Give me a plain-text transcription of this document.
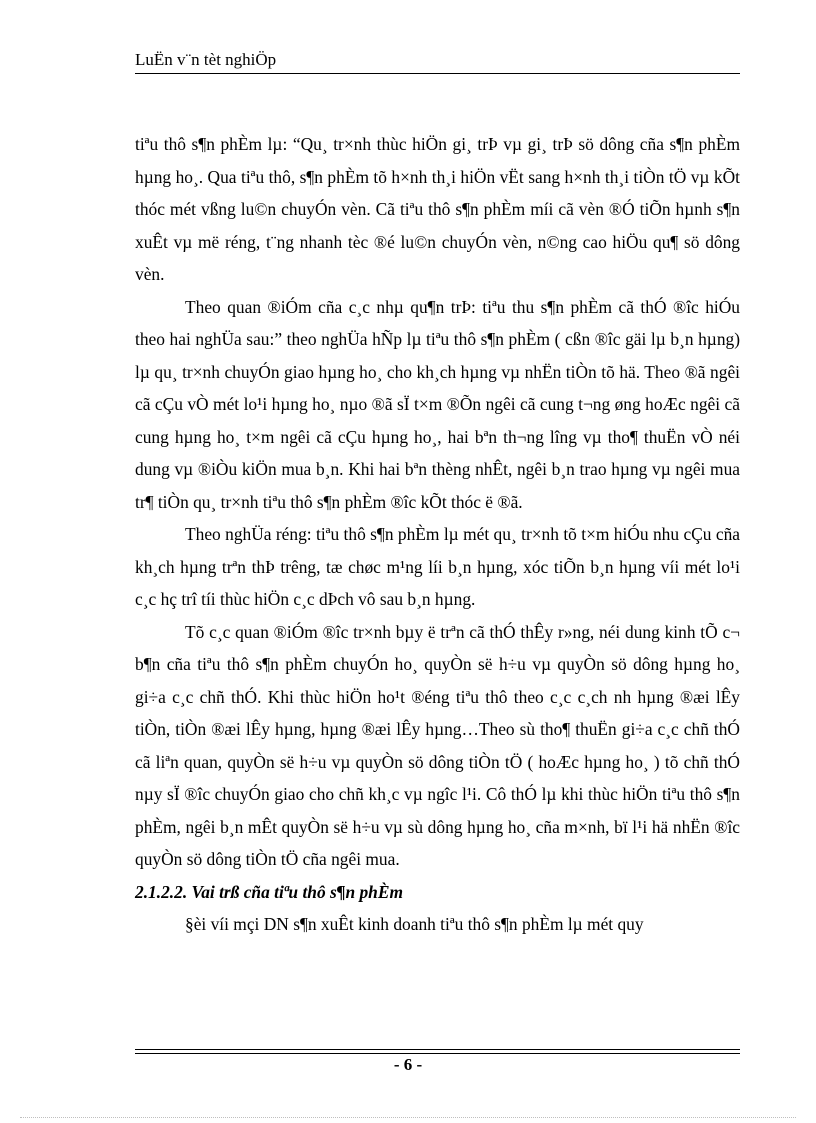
LuËn v¨n tèt nghiÖp

tiªu thô s¶n phÈm lµ: “Qu¸ tr×nh thùc hiÖn gi¸ trÞ vµ gi¸ trÞ sö dông cña s¶n phÈm hµng ho¸. Qua tiªu thô, s¶n phÈm tõ h×nh th¸i hiÖn vËt sang h×nh th¸i tiÒn tÖ vµ kÕt thóc mét vßng lu©n chuyÓn vèn. Cã tiªu thô s¶n phÈm míi cã vèn ®Ó tiÕn hµnh s¶n xuÊt vµ më réng, t¨ng nhanh tèc ®é lu©n chuyÓn vèn, n©ng cao hiÖu qu¶ sö dông vèn.

Theo quan ®iÓm cña c¸c nhµ qu¶n trÞ: tiªu thu s¶n phÈm cã thÓ ®îc hiÓu theo hai nghÜa sau:” theo nghÜa hÑp lµ tiªu thô s¶n phÈm ( cßn ®îc gäi lµ b¸n hµng) lµ qu¸ tr×nh chuyÓn giao hµng ho¸ cho kh¸ch hµng vµ nhËn tiÒn tõ hä. Theo ®ã ngêi cã cÇu vÒ mét lo¹i hµng ho¸ nµo ®ã sÏ t×m ®Õn ngêi cã cung t¬ng øng hoÆc ngêi cã cung hµng ho¸ t×m ngêi cã cÇu hµng ho¸, hai bªn th¬ng lîng vµ tho¶ thuËn vÒ néi dung vµ ®iÒu kiÖn mua b¸n. Khi hai bªn thèng nhÊt, ngêi b¸n trao hµng vµ ngêi mua tr¶ tiÒn qu¸ tr×nh tiªu thô s¶n phÈm ®îc kÕt thóc ë ®ã.

Theo nghÜa réng: tiªu thô s¶n phÈm lµ mét qu¸ tr×nh tõ t×m hiÓu nhu cÇu cña kh¸ch hµng trªn thÞ trêng, tæ chøc m¹ng líi b¸n hµng, xóc tiÕn b¸n hµng víi mét lo¹i c¸c hç trî tíi thùc hiÖn c¸c dÞch vô sau b¸n hµng.

Tõ c¸c quan ®iÓm ®îc tr×nh bµy ë trªn cã thÓ thÊy r»ng, néi dung kinh tÕ c¬ b¶n cña tiªu thô s¶n phÈm chuyÓn ho¸ quyÒn së h÷u vµ quyÒn sö dông hµng ho¸ gi÷a c¸c chñ thÓ. Khi thùc hiÖn ho¹t ®éng tiªu thô theo c¸c c¸ch nh hµng ®æi lÊy tiÒn, tiÒn ®æi lÊy hµng, hµng ®æi lÊy hµng…Theo sù tho¶ thuËn gi÷a c¸c chñ thÓ cã liªn quan, quyÒn së h÷u vµ quyÒn sö dông tiÒn tÖ ( hoÆc hµng ho¸ ) tõ chñ thÓ nµy sÏ ®îc chuyÓn giao cho chñ kh¸c vµ ngîc l¹i. Cô thÓ lµ khi thùc hiÖn tiªu thô s¶n phÈm, ngêi b¸n mÊt quyÒn së h÷u vµ sù dông hµng ho¸ cña m×nh, bï l¹i hä nhËn ®îc quyÒn sö dông tiÒn tÖ cña ngêi mua.

2.1.2.2. Vai trß cña tiªu thô s¶n phÈm

§èi víi mçi DN s¶n xuÊt kinh doanh tiªu thô s¶n phÈm lµ mét quy

- 6 -
